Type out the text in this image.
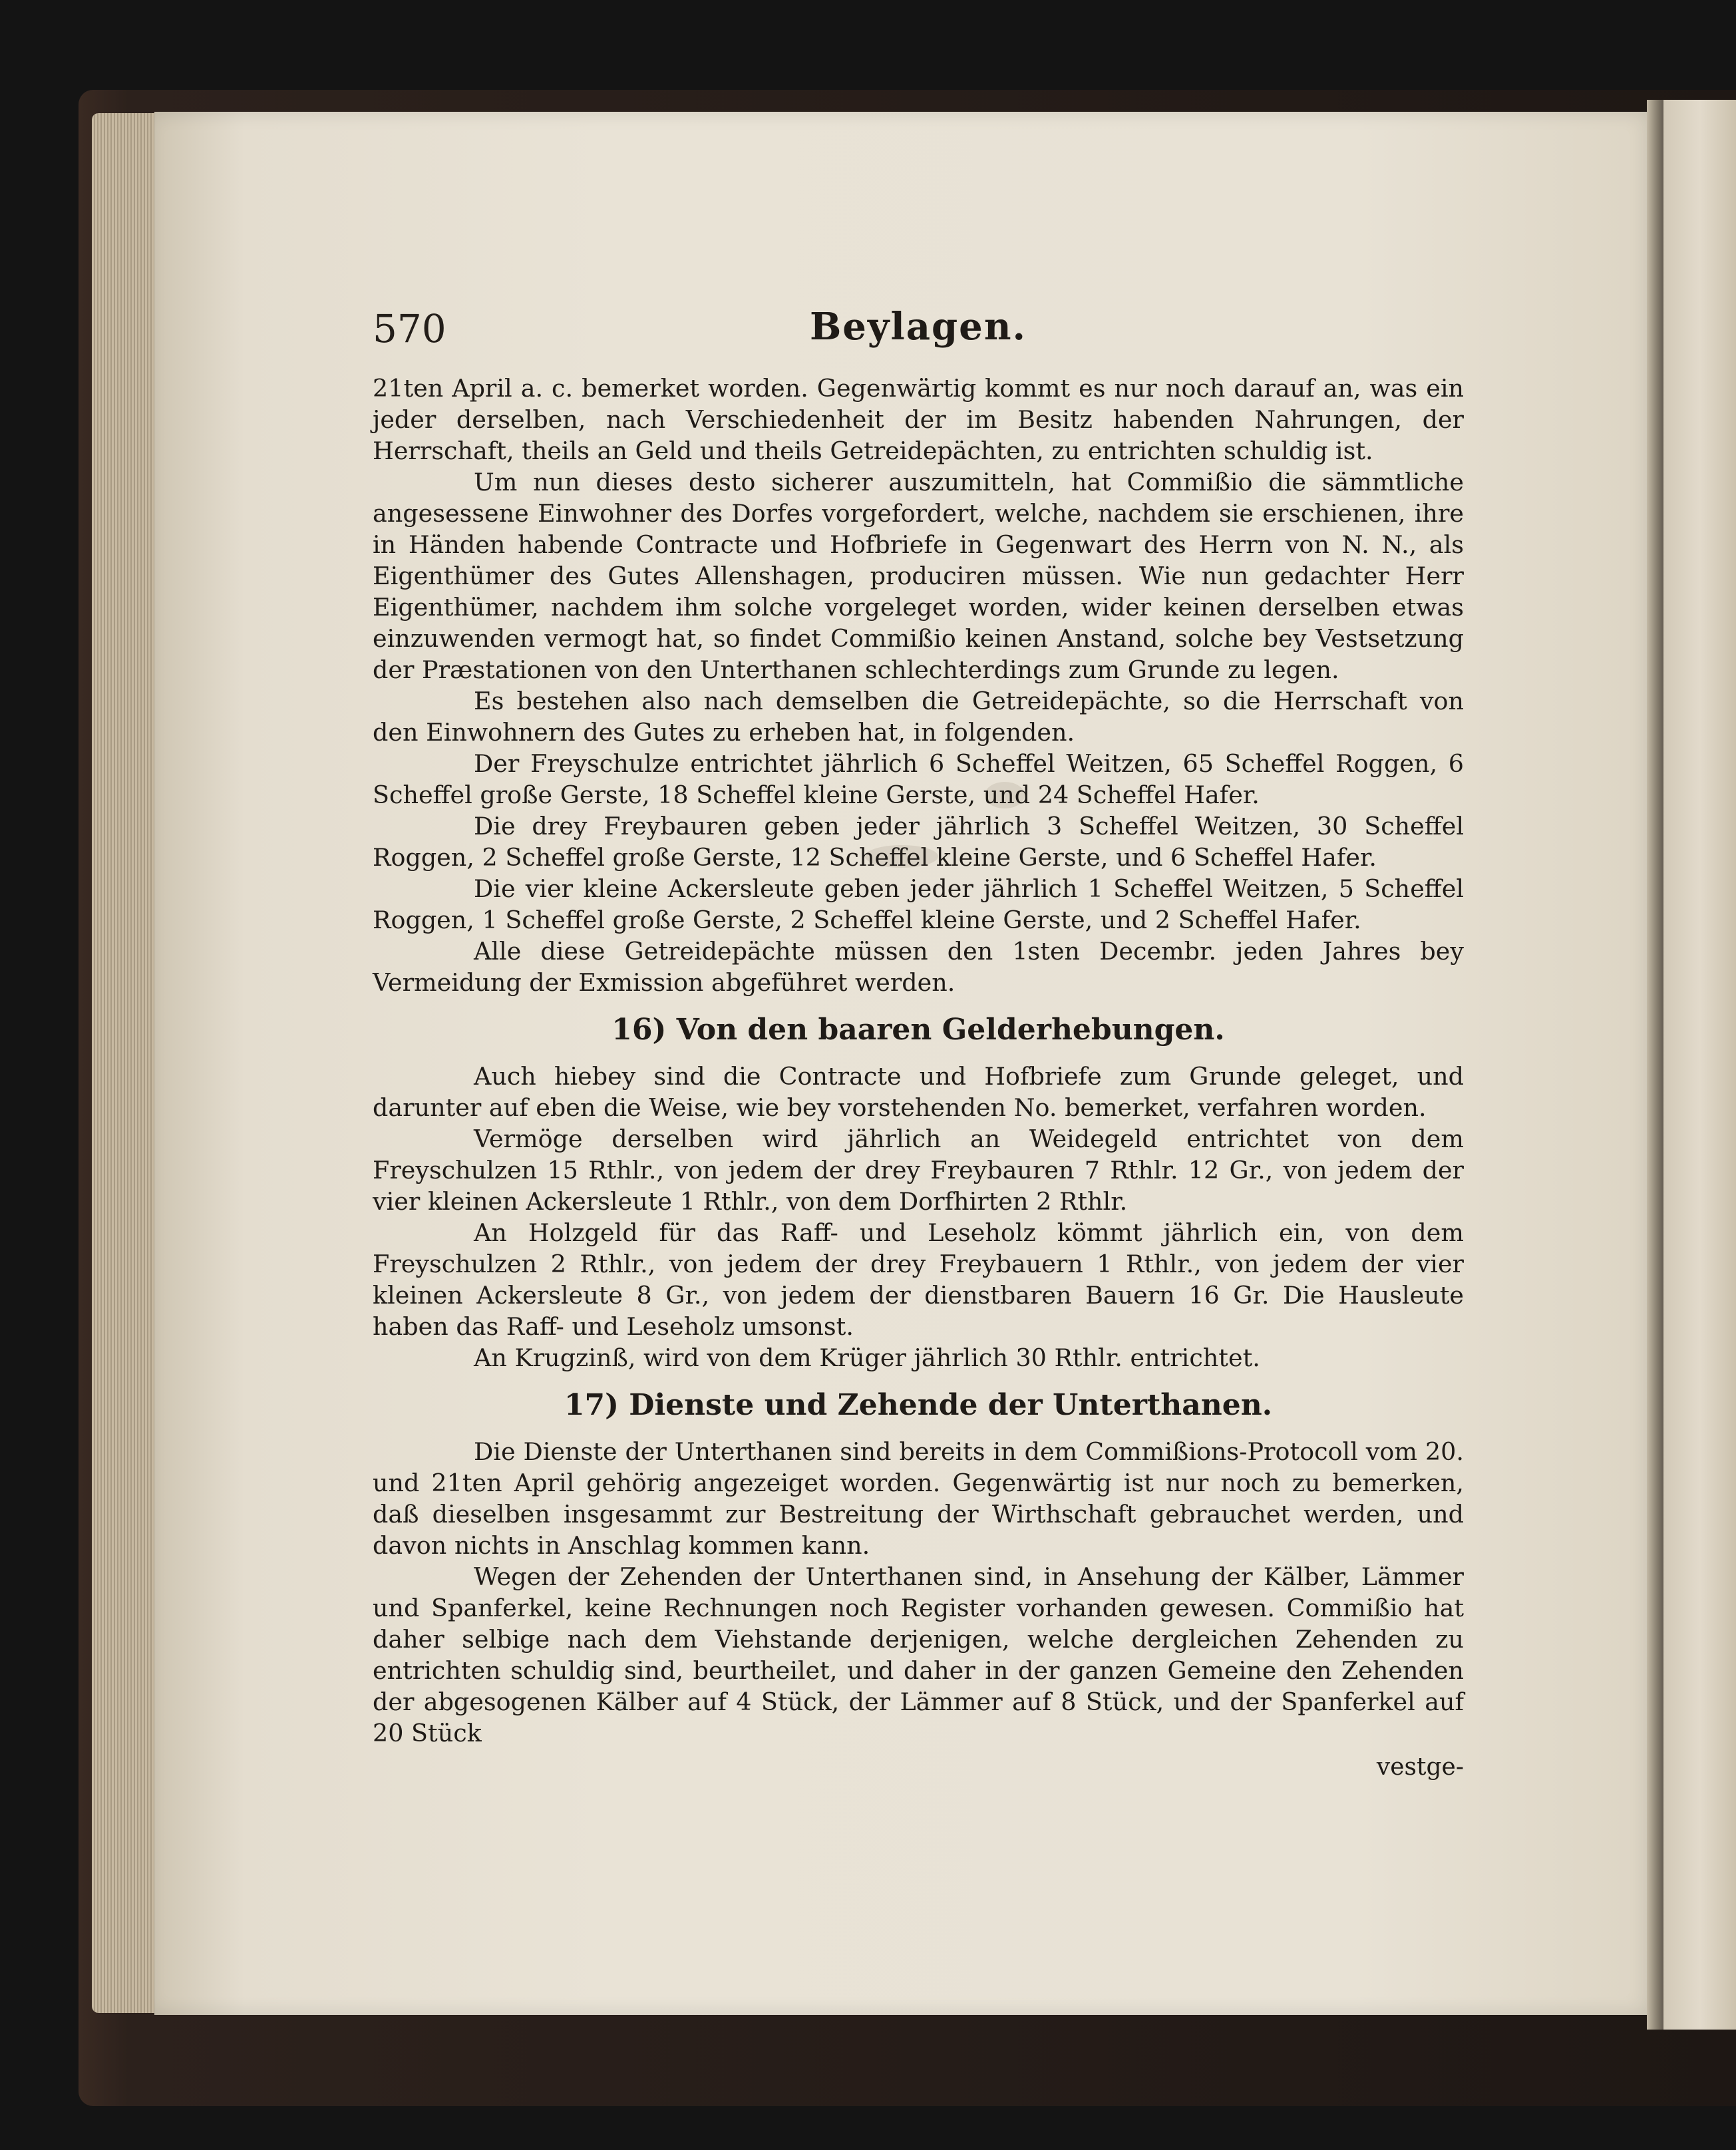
570	Beylagen.

21ten April a. c. bemerket worden. Gegenwärtig kommt es nur noch darauf an, was ein jeder derselben, nach Verschiedenheit der im Besitz habenden Nahrungen, der Herrschaft, theils an Geld und theils Getreidepächten, zu entrichten schuldig ist.

Um nun dieses desto sicherer auszumitteln, hat Commißio die sämmtliche angesessene Einwohner des Dorfes vorgefordert, welche, nachdem sie erschienen, ihre in Händen habende Contracte und Hofbriefe in Gegenwart des Herrn von N. N., als Eigenthümer des Gutes Allenshagen, produciren müssen. Wie nun gedachter Herr Eigenthümer, nachdem ihm solche vorgeleget worden, wider keinen derselben etwas einzuwenden vermogt hat, so findet Commißio keinen Anstand, solche bey Vestsetzung der Præstationen von den Unterthanen schlechterdings zum Grunde zu legen.

Es bestehen also nach demselben die Getreidepächte, so die Herrschaft von den Einwohnern des Gutes zu erheben hat, in folgenden.

Der Freyschulze entrichtet jährlich 6 Scheffel Weitzen, 65 Scheffel Roggen, 6 Scheffel große Gerste, 18 Scheffel kleine Gerste, und 24 Scheffel Hafer.

Die drey Freybauren geben jeder jährlich 3 Scheffel Weitzen, 30 Scheffel Roggen, 2 Scheffel große Gerste, 12 Scheffel kleine Gerste, und 6 Scheffel Hafer.

Die vier kleine Ackersleute geben jeder jährlich 1 Scheffel Weitzen, 5 Scheffel Roggen, 1 Scheffel große Gerste, 2 Scheffel kleine Gerste, und 2 Scheffel Hafer.

Alle diese Getreidepächte müssen den 1sten Decembr. jeden Jahres bey Vermeidung der Exmission abgeführet werden.

16) Von den baaren Gelderhebungen.

Auch hiebey sind die Contracte und Hofbriefe zum Grunde geleget, und darunter auf eben die Weise, wie bey vorstehenden No. bemerket, verfahren worden.

Vermöge derselben wird jährlich an Weidegeld entrichtet von dem Freyschulzen 15 Rthlr., von jedem der drey Freybauren 7 Rthlr. 12 Gr., von jedem der vier kleinen Ackersleute 1 Rthlr., von dem Dorfhirten 2 Rthlr.

An Holzgeld für das Raff- und Leseholz kömmt jährlich ein, von dem Freyschulzen 2 Rthlr., von jedem der drey Freybauern 1 Rthlr., von jedem der vier kleinen Ackersleute 8 Gr., von jedem der dienstbaren Bauern 16 Gr. Die Hausleute haben das Raff- und Leseholz umsonst.

An Krugzinß, wird von dem Krüger jährlich 30 Rthlr. entrichtet.

17) Dienste und Zehende der Unterthanen.

Die Dienste der Unterthanen sind bereits in dem Commißions-Protocoll vom 20. und 21ten April gehörig angezeiget worden. Gegenwärtig ist nur noch zu bemerken, daß dieselben insgesammt zur Bestreitung der Wirthschaft gebrauchet werden, und davon nichts in Anschlag kommen kann.

Wegen der Zehenden der Unterthanen sind, in Ansehung der Kälber, Lämmer und Spanferkel, keine Rechnungen noch Register vorhanden gewesen. Commißio hat daher selbige nach dem Viehstande derjenigen, welche dergleichen Zehenden zu entrichten schuldig sind, beurtheilet, und daher in der ganzen Gemeine den Zehenden der abgesogenen Kälber auf 4 Stück, der Lämmer auf 8 Stück, und der Spanferkel auf 20 Stück

vestge-
